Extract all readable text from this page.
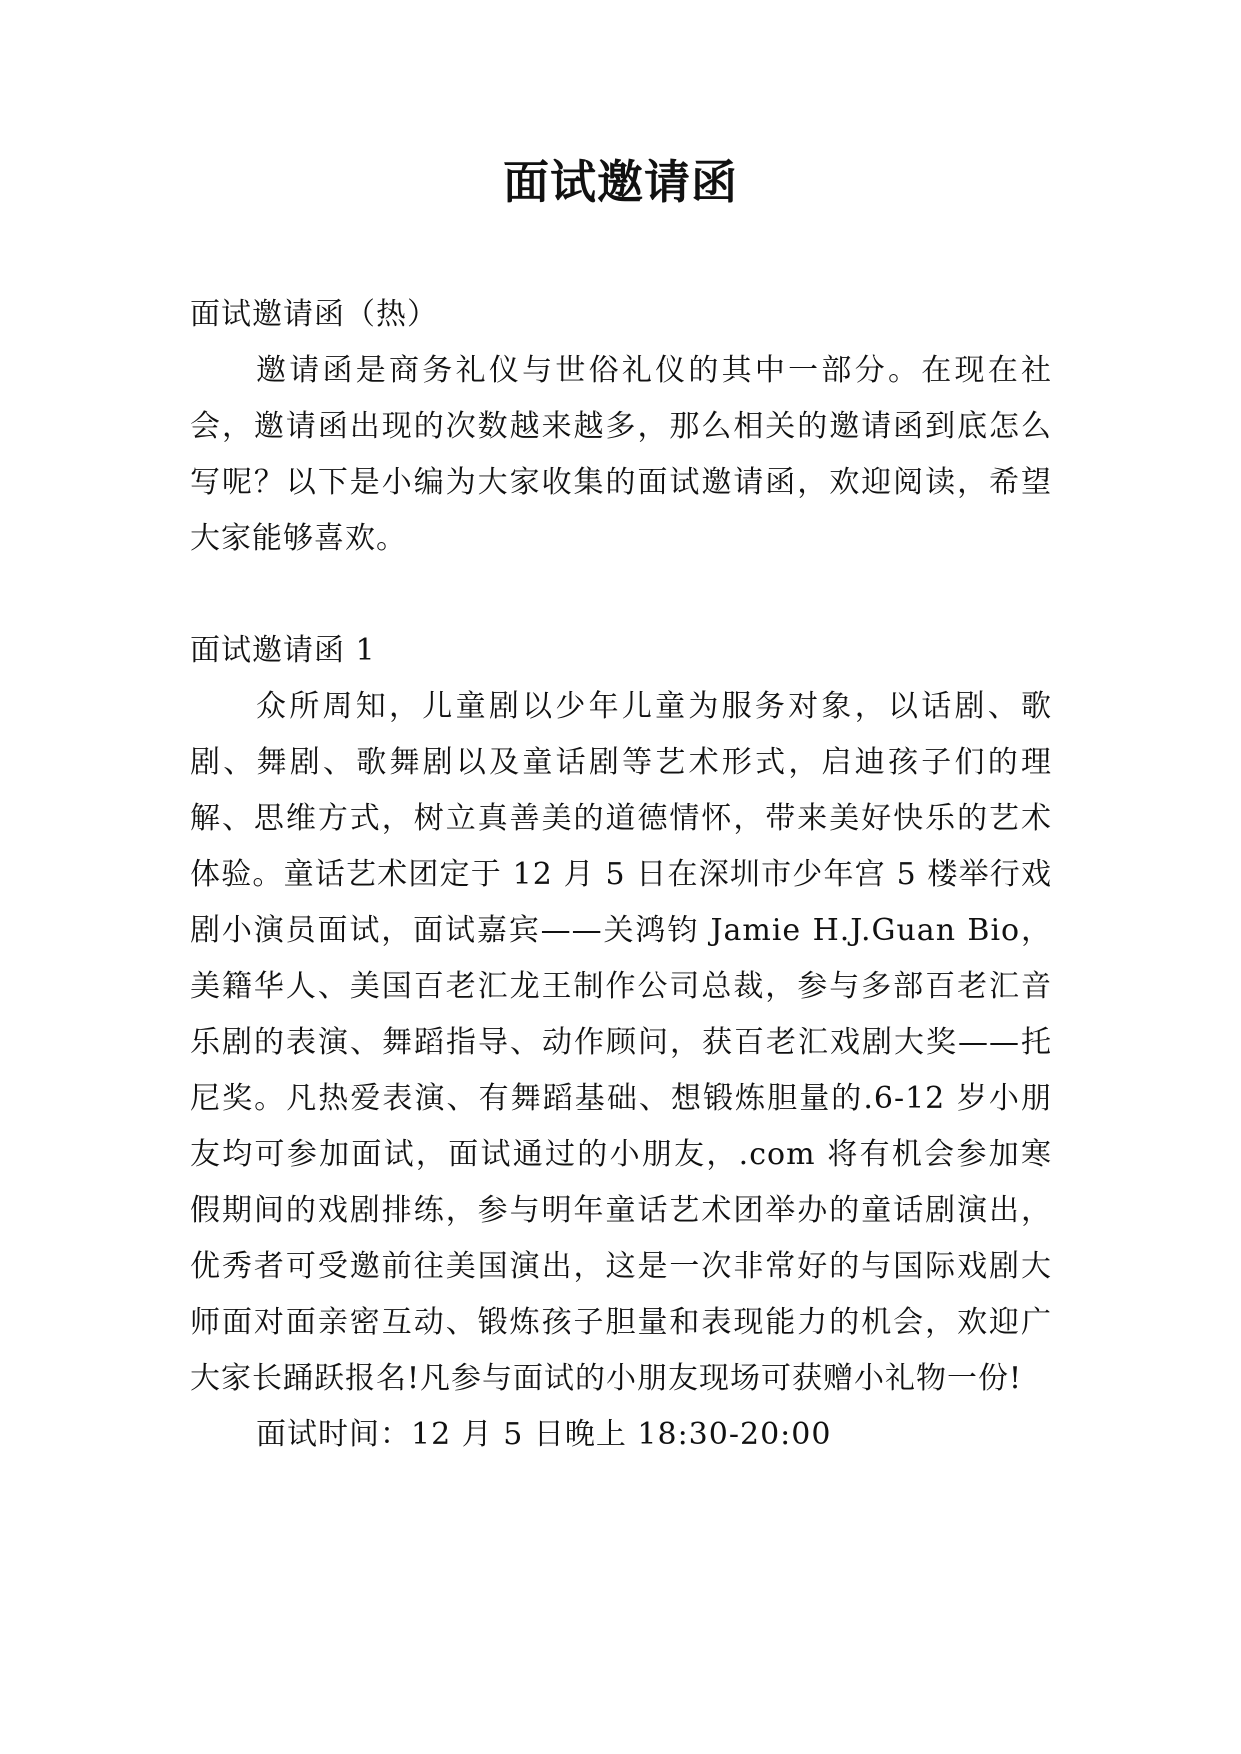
面试邀请函

面试邀请函（热）

邀请函是商务礼仪与世俗礼仪的其中一部分。在现在社会，邀请函出现的次数越来越多，那么相关的邀请函到底怎么写呢？以下是小编为大家收集的面试邀请函，欢迎阅读，希望大家能够喜欢。

面试邀请函 1

众所周知，儿童剧以少年儿童为服务对象，以话剧、歌剧、舞剧、歌舞剧以及童话剧等艺术形式，启迪孩子们的理解、思维方式，树立真善美的道德情怀，带来美好快乐的艺术体验。童话艺术团定于 12 月 5 日在深圳市少年宫 5 楼举行戏剧小演员面试，面试嘉宾——关鸿钧 Jamie H.J.Guan Bio，美籍华人、美国百老汇龙王制作公司总裁，参与多部百老汇音乐剧的表演、舞蹈指导、动作顾问，获百老汇戏剧大奖——托尼奖。凡热爱表演、有舞蹈基础、想锻炼胆量的.6-12 岁小朋友均可参加面试，面试通过的小朋友，.com 将有机会参加寒假期间的戏剧排练，参与明年童话艺术团举办的童话剧演出，优秀者可受邀前往美国演出，这是一次非常好的与国际戏剧大师面对面亲密互动、锻炼孩子胆量和表现能力的机会，欢迎广大家长踊跃报名!凡参与面试的小朋友现场可获赠小礼物一份!

面试时间：12 月 5 日晚上 18:30-20:00
